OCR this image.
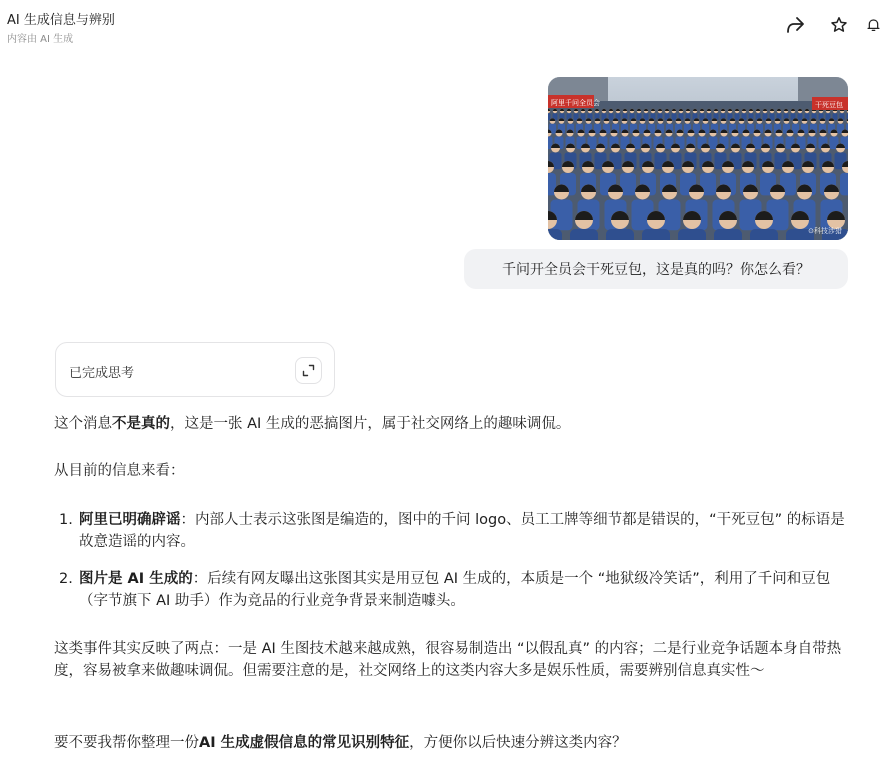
AI 生成信息与辨别
内容由 AI 生成
阿里千问全员会	干死豆包
⊙科技涉猎
千问开全员会干死豆包，这是真的吗？你怎么看？
已完成思考

这个消息不是真的，这是一张 AI 生成的恶搞图片，属于社交网络上的趣味调侃。

从目前的信息来看：

1. 阿里已明确辟谣：内部人士表示这张图是编造的，图中的千问 logo、员工工牌等细节都是错误的，“干死豆包” 的标语是故意造谣的内容。
2. 图片是 AI 生成的：后续有网友曝出这张图其实是用豆包 AI 生成的，本质是一个 “地狱级冷笑话”，利用了千问和豆包（字节旗下 AI 助手）作为竞品的行业竞争背景来制造噱头。

这类事件其实反映了两点：一是 AI 生图技术越来越成熟，很容易制造出 “以假乱真” 的内容；二是行业竞争话题本身自带热度，容易被拿来做趣味调侃。但需要注意的是，社交网络上的这类内容大多是娱乐性质，需要辨别信息真实性～

要不要我帮你整理一份AI 生成虚假信息的常见识别特征，方便你以后快速分辨这类内容？
